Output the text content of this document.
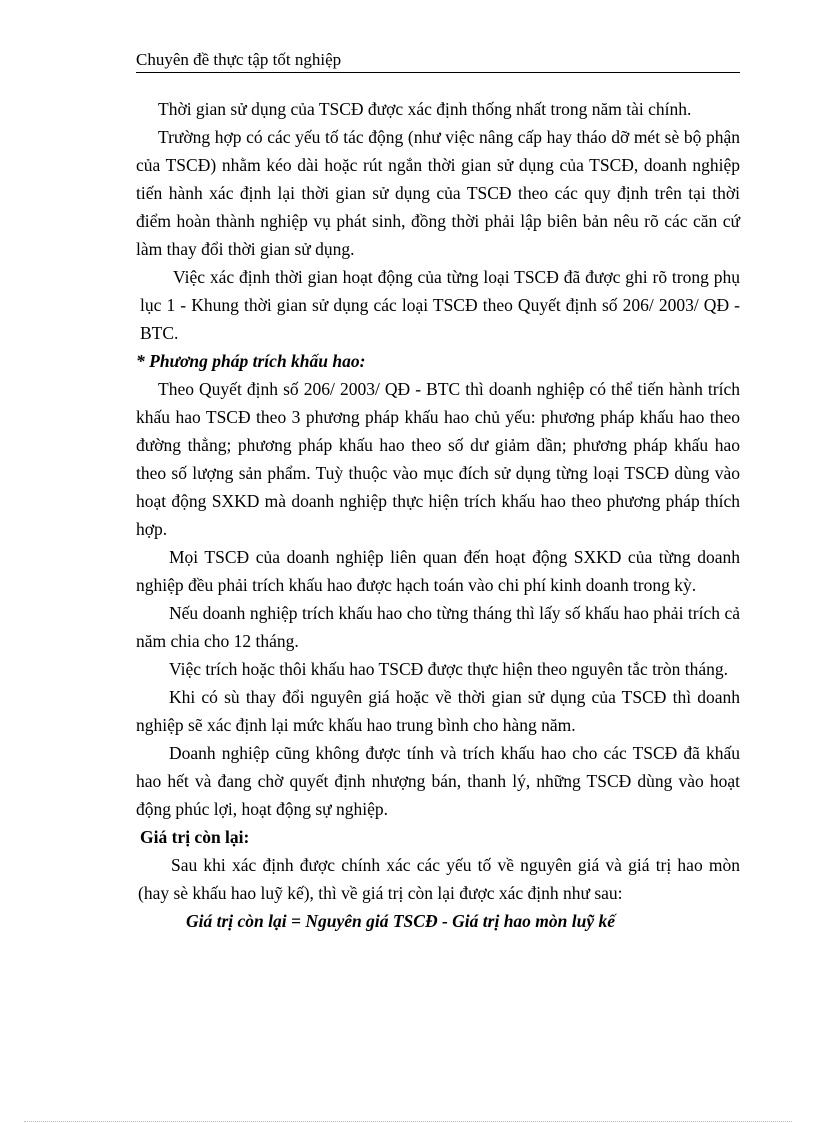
Chuyên đề thực tập tốt nghiệp

Thời gian sử dụng của TSCĐ được xác định thống nhất trong năm tài chính.

Trường hợp có các yếu tố tác động (như việc nâng cấp hay tháo dỡ mét sè bộ phận của TSCĐ) nhằm kéo dài hoặc rút ngắn thời gian sử dụng của TSCĐ, doanh nghiệp tiến hành xác định lại thời gian sử dụng của TSCĐ theo các quy định trên tại thời điểm hoàn thành nghiệp vụ phát sinh, đồng thời phải lập biên bản nêu rõ các căn cứ làm thay đổi thời gian sử dụng.

Việc xác định thời gian hoạt động của từng loại TSCĐ đã được ghi rõ trong phụ lục 1 - Khung thời gian sử dụng các loại TSCĐ theo Quyết định số 206/ 2003/ QĐ - BTC.

* Phương pháp trích khấu hao:

Theo Quyết định số 206/ 2003/ QĐ - BTC thì doanh nghiệp có thể tiến hành trích khấu hao TSCĐ theo 3 phương pháp khấu hao chủ yếu: phương pháp khấu hao theo đường thẳng; phương pháp khấu hao theo số dư giảm dần; phương pháp khấu hao theo số lượng sản phẩm. Tuỳ thuộc vào mục đích sử dụng từng loại TSCĐ dùng vào hoạt động SXKD mà doanh nghiệp thực hiện trích khấu hao theo phương pháp thích hợp.

Mọi TSCĐ của doanh nghiệp liên quan đến hoạt động SXKD của từng doanh nghiệp đều phải trích khấu hao được hạch toán vào chi phí kinh doanh trong kỳ.

Nếu doanh nghiệp trích khấu hao cho từng tháng thì lấy số khấu hao phải trích cả năm chia cho 12 tháng.

Việc trích hoặc thôi khấu hao TSCĐ được thực hiện theo nguyên tắc tròn tháng.

Khi có sù thay đổi nguyên giá hoặc về thời gian sử dụng của TSCĐ thì doanh nghiệp sẽ xác định lại mức khấu hao trung bình cho hàng năm.

Doanh nghiệp cũng không được tính và trích khấu hao cho các TSCĐ đã khấu hao hết và đang chờ quyết định nhượng bán, thanh lý, những TSCĐ dùng vào hoạt động phúc lợi, hoạt động sự nghiệp.

Giá trị còn lại:

Sau khi xác định được chính xác các yếu tố về nguyên giá và giá trị hao mòn (hay sè khấu hao luỹ kế), thì về giá trị còn lại được xác định như sau:

Giá trị còn lại = Nguyên giá TSCĐ - Giá trị hao mòn luỹ kế
